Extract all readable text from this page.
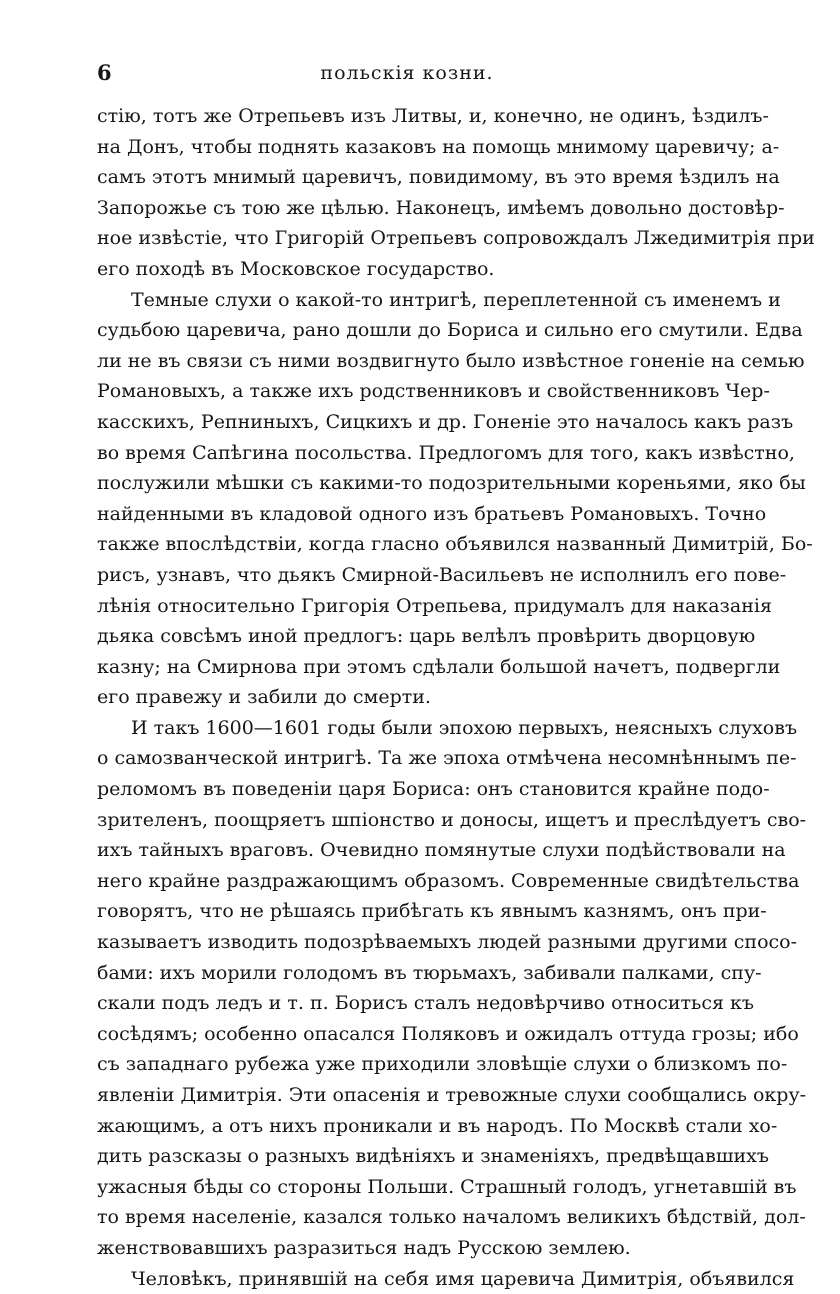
6	польскія козни.
стію, тотъ же Отрепьевъ изъ Литвы, и, конечно, не одинъ, ѣздилъ-
на Донъ, чтобы поднять казаковъ на помощь мнимому царевичу; а-
самъ этотъ мнимый царевичъ, повидимому, въ это время ѣздилъ на
Запорожье съ тою же цѣлью. Наконецъ, имѣемъ довольно достовѣр-
ное извѣстіе, что Григорій Отрепьевъ сопровождалъ Лжедимитрія при
его походѣ въ Московское государство.
Темные слухи о какой-то интригѣ, переплетенной съ именемъ и
судьбою царевича, рано дошли до Бориса и сильно его смутили. Едва
ли не въ связи съ ними воздвигнуто было извѣстное гоненіе на семью
Романовыхъ, а также ихъ родственниковъ и свойственниковъ Чер-
касскихъ, Репниныхъ, Сицкихъ и др. Гоненіе это началось какъ разъ
во время Сапѣгина посольства. Предлогомъ для того, какъ извѣстно,
послужили мѣшки съ какими-то подозрительными кореньями, яко бы
найденными въ кладовой одного изъ братьевъ Романовыхъ. Точно
также впослѣдствіи, когда гласно объявился названный Димитрій, Бо-
рисъ, узнавъ, что дьякъ Смирной-Васильевъ не исполнилъ его пове-
лѣнія относительно Григорія Отрепьева, придумалъ для наказанія
дьяка совсѣмъ иной предлогъ: царь велѣлъ провѣрить дворцовую
казну; на Смирнова при этомъ сдѣлали большой начетъ, подвергли
его правежу и забили до смерти.
И такъ 1600—1601 годы были эпохою первыхъ, неясныхъ слуховъ
о самозванческой интригѣ. Та же эпоха отмѣчена несомнѣннымъ пе-
реломомъ въ поведеніи царя Бориса: онъ становится крайне подо-
зрителенъ, поощряетъ шпіонство и доносы, ищетъ и преслѣдуетъ сво-
ихъ тайныхъ враговъ. Очевидно помянутые слухи подѣйствовали на
него крайне раздражающимъ образомъ. Современные свидѣтельства
говорятъ, что не рѣшаясь прибѣгать къ явнымъ казнямъ, онъ при-
казываетъ изводить подозрѣваемыхъ людей разными другими спосо-
бами: ихъ морили голодомъ въ тюрьмахъ, забивали палками, спу-
скали подъ ледъ и т. п. Борисъ сталъ недовѣрчиво относиться къ
сосѣдямъ; особенно опасался Поляковъ и ожидалъ оттуда грозы; ибо
съ западнаго рубежа уже приходили зловѣщіе слухи о близкомъ по-
явленіи Димитрія. Эти опасенія и тревожные слухи сообщались окру-
жающимъ, а отъ нихъ проникали и въ народъ. По Москвѣ стали хо-
дить разсказы о разныхъ видѣніяхъ и знаменіяхъ, предвѣщавшихъ
ужасныя бѣды со стороны Польши. Страшный голодъ, угнетавшій въ
то время населеніе, казался только началомъ великихъ бѣдствій, дол-
женствовавшихъ разразиться надъ Русскою землею.
Человѣкъ, принявшій на себя имя царевича Димитрія, объявился
